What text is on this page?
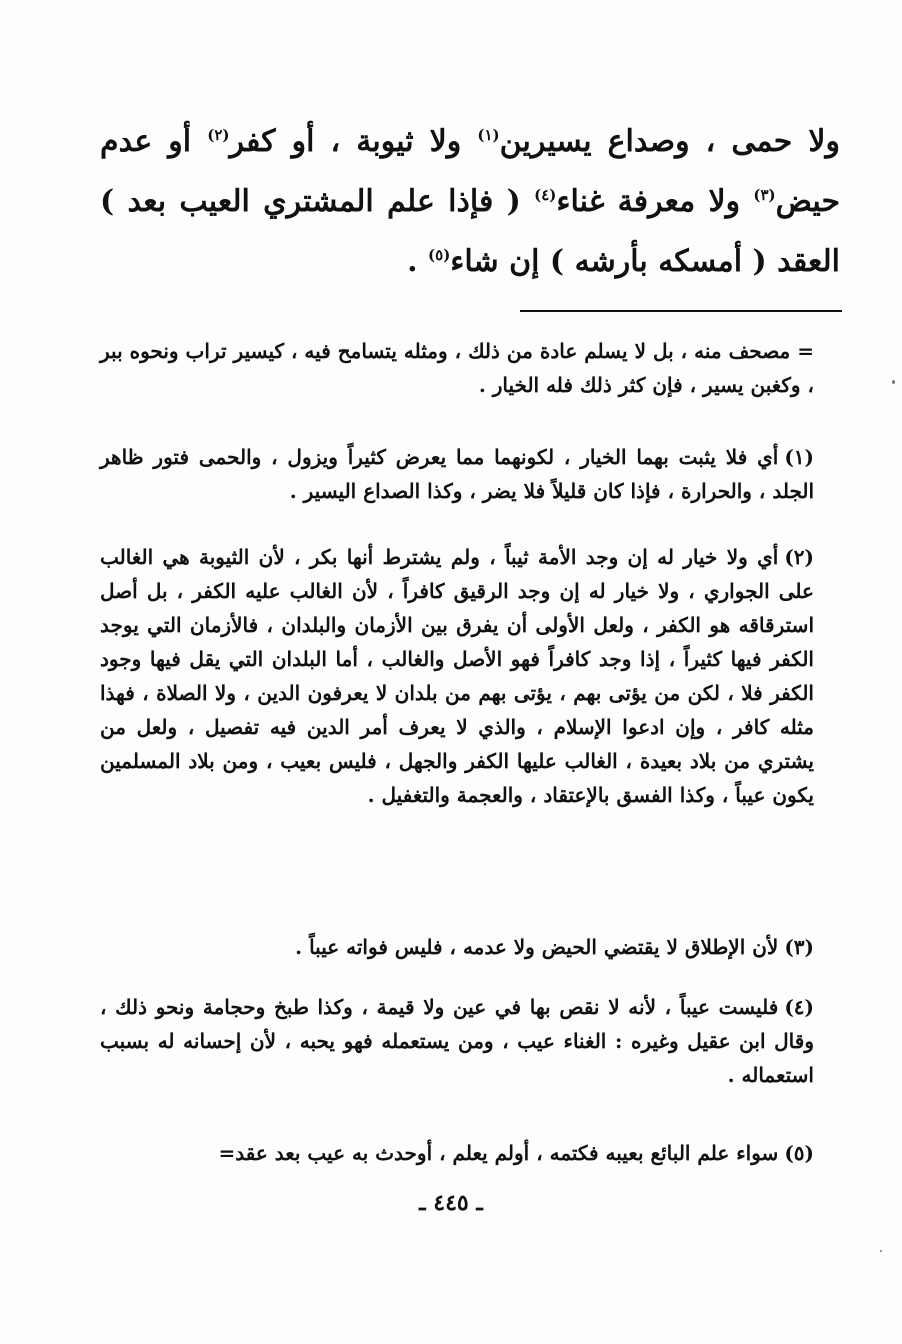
ولا حمى ، وصداع يسيرين$^{(١)}$ ولا ثيوبة ، أو كفر$^{(٢)}$ أو عدم حيض$^{(٣)}$ ولا معرفة غناء$^{(٤)}$ ( فإذا علم المشتري العيب بعد ) العقد ( أمسكه بأرشه ) إن شاء$^{(٥)}$ .

= مصحف منه ، بل لا يسلم عادة من ذلك ، ومثله يتسامح فيه ، كيسير تراب ونحوه ببر ، وكغبن يسير ، فإن كثر ذلك فله الخيار .

(١)أي فلا يثبت بهما الخيار ، لكونهما مما يعرض كثيراً ويزول ، والحمى فتور ظاهر الجلد ، والحرارة ، فإذا كان قليلاً فلا يضر ، وكذا الصداع اليسير .

(٢)أي ولا خيار له إن وجد الأمة ثيباً ، ولم يشترط أنها بكر ، لأن الثيوبة هي الغالب على الجواري ، ولا خيار له إن وجد الرقيق كافراً ، لأن الغالب عليه الكفر ، بل أصل استرقاقه هو الكفر ، ولعل الأولى أن يفرق بين الأزمان والبلدان ، فالأزمان التي يوجد الكفر فيها كثيراً ، إذا وجد كافراً فهو الأصل والغالب ، أما البلدان التي يقل فيها وجود الكفر فلا ، لكن من يؤتى بهم ، يؤتى بهم من بلدان لا يعرفون الدين ، ولا الصلاة ، فهذا مثله كافر ، وإن ادعوا الإسلام ، والذي لا يعرف أمر الدين فيه تفصيل ، ولعل من يشتري من بلاد بعيدة ، الغالب عليها الكفر والجهل ، فليس بعيب ، ومن بلاد المسلمين يكون عيباً ، وكذا الفسق بالإعتقاد ، والعجمة والتغفيل .

(٣)لأن الإطلاق لا يقتضي الحيض ولا عدمه ، فليس فواته عيباً .

(٤)فليست عيباً ، لأنه لا نقص بها في عين ولا قيمة ، وكذا طبخ وحجامة ونحو ذلك ، وقال ابن عقيل وغيره : الغناء عيب ، ومن يستعمله فهو يحبه ، لأن إحسانه له بسبب استعماله .

(٥)سواء علم البائع بعيبه فكتمه ، أولم يعلم ، أوحدث به عيب بعد عقد=

ـ ٤٤٥ ـ
